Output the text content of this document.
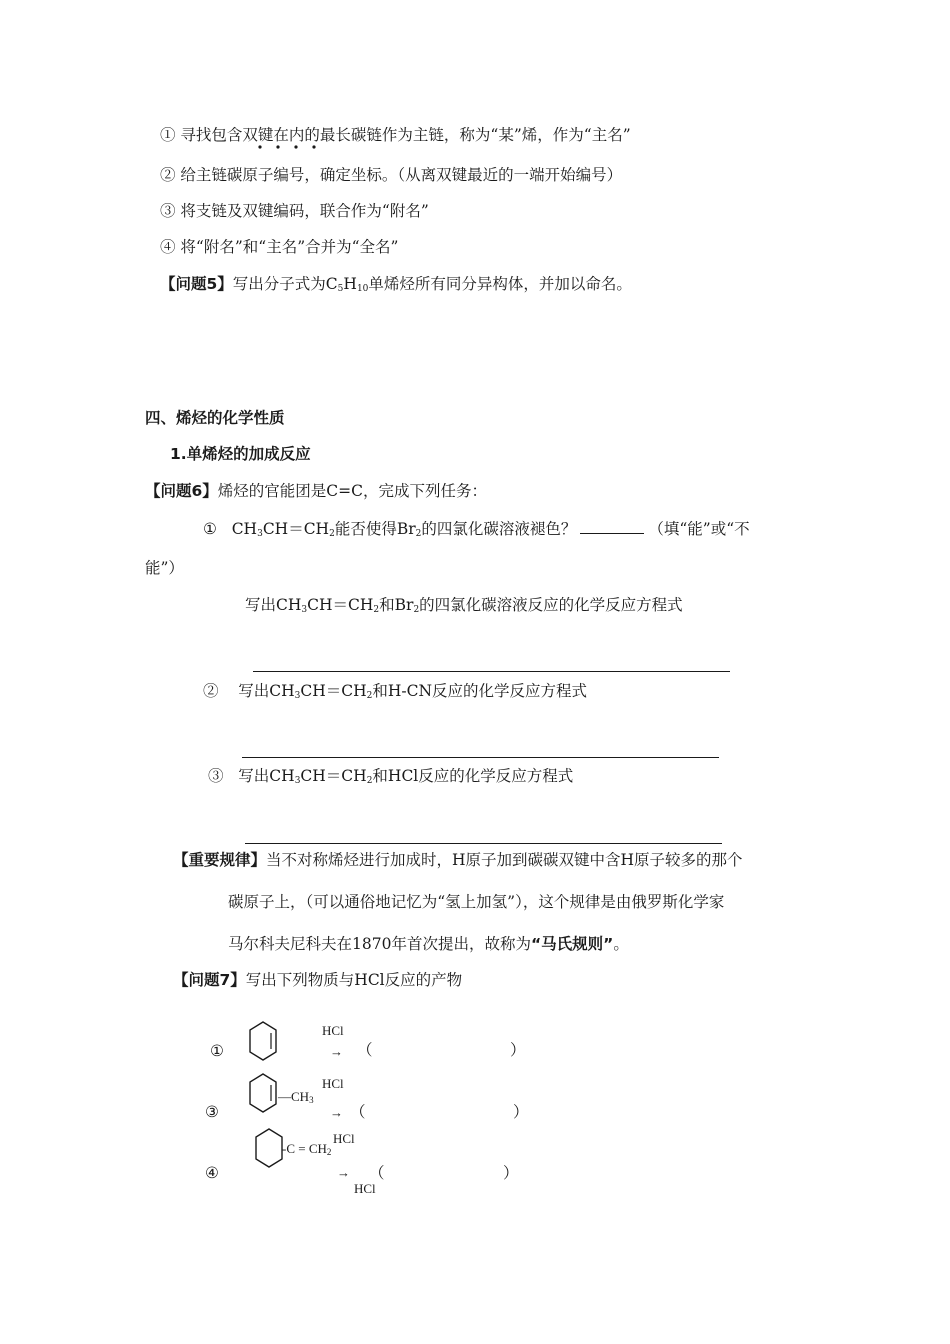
① 寻找包含双键在内的最长碳链作为主链，称为“某”烯，作为“主名”
② 给主链碳原子编号，确定坐标。（从离双键最近的一端开始编号）
③ 将支链及双键编码，联合作为“附名”
④ 将“附名”和“主名”合并为“全名”
【问题5】写出分子式为$C_5H_{10}$单烯烃所有同分异构体，并加以命名。
四、烯烃的化学性质
1.单烯烃的加成反应
【问题6】烯烃的官能团是C=C，完成下列任务：
① $CH_3CH=CH_2$能否使得$Br_2$的四氯化碳溶液褪色？	（填“能”或“不
能”）
写出$CH_3CH=CH_2$和$Br_2$的四氯化碳溶液反应的化学反应方程式
② 写出$CH_3CH=CH_2$和H-CN反应的化学反应方程式
③ 写出$CH_3CH=CH_2$和HCl反应的化学反应方程式
【重要规律】当不对称烯烃进行加成时，H原子加到碳碳双键中含H原子较多的那个
碳原子上，（可以通俗地记忆为“氢上加氢”），这个规律是由俄罗斯化学家
马尔科夫尼科夫在1870年首次提出，故称为“马氏规则”。
【问题7】写出下列物质与HCl反应的产物
①
HCl
→ （	）
③
$—CH_3$
HCl
→ （	）
④
$-C = CH_2$
HCl
→
HCl
（	）
